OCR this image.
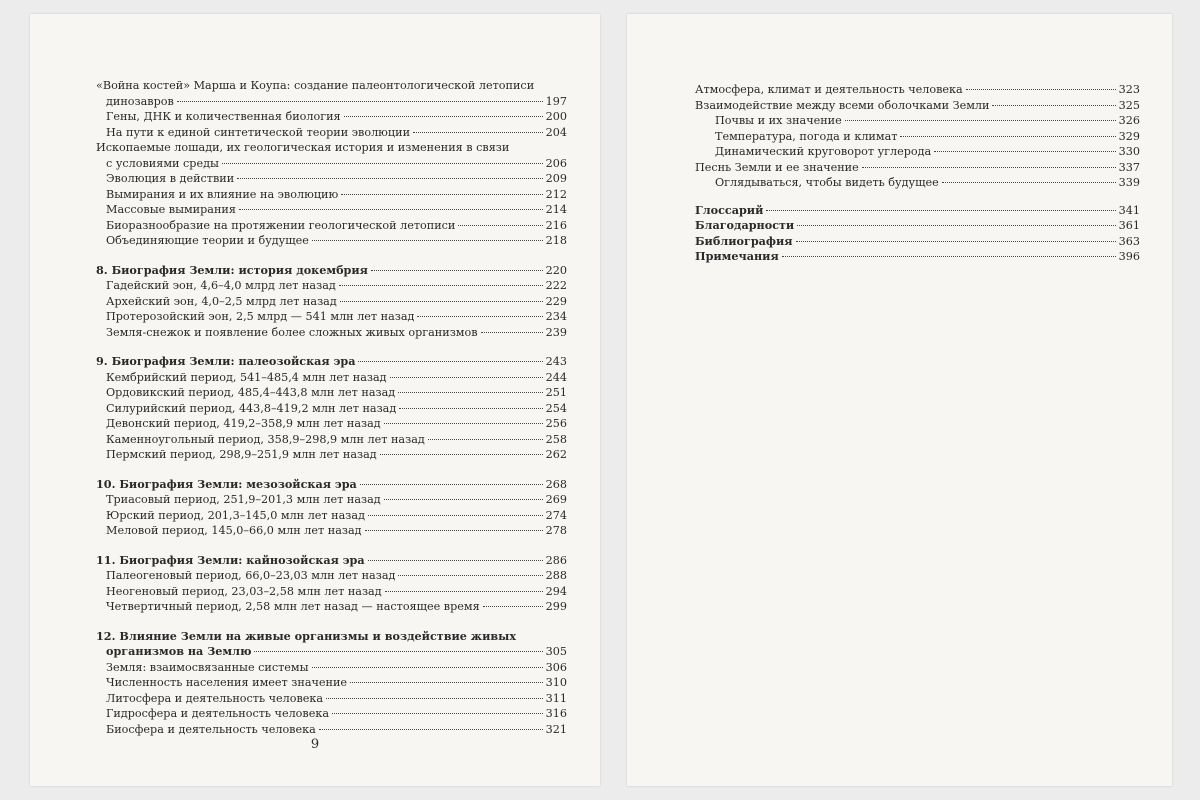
«Война костей» Марша и Коупа: создание палеонтологической летописи
динозавров	197
Гены, ДНК и количественная биология	200
На пути к единой синтетической теории эволюции	204
Ископаемые лошади, их геологическая история и изменения в связи
с условиями среды	206
Эволюция в действии	209
Вымирания и их влияние на эволюцию	212
Массовые вымирания	214
Биоразнообразие на протяжении геологической летописи	216
Объединяющие теории и будущее	218
8. Биография Земли: история докембрия	220
Гадейский эон, 4,6–4,0 млрд лет назад	222
Архейский эон, 4,0–2,5 млрд лет назад	229
Протерозойский эон, 2,5 млрд — 541 млн лет назад	234
Земля-снежок и появление более сложных живых организмов	239
9. Биография Земли: палеозойская эра	243
Кембрийский период, 541–485,4 млн лет назад	244
Ордовикский период, 485,4–443,8 млн лет назад	251
Силурийский период, 443,8–419,2 млн лет назад	254
Девонский период, 419,2–358,9 млн лет назад	256
Каменноугольный период, 358,9–298,9 млн лет назад	258
Пермский период, 298,9–251,9 млн лет назад	262
10. Биография Земли: мезозойская эра	268
Триасовый период, 251,9–201,3 млн лет назад	269
Юрский период, 201,3–145,0 млн лет назад	274
Меловой период, 145,0–66,0 млн лет назад	278
11. Биография Земли: кайнозойская эра	286
Палеогеновый период, 66,0–23,03 млн лет назад	288
Неогеновый период, 23,03–2,58 млн лет назад	294
Четвертичный период, 2,58 млн лет назад — настоящее время	299
12. Влияние Земли на живые организмы и воздействие живых
организмов на Землю	305
Земля: взаимосвязанные системы	306
Численность населения имеет значение	310
Литосфера и деятельность человека	311
Гидросфера и деятельность человека	316
Биосфера и деятельность человека	321
9
Атмосфера, климат и деятельность человека	323
Взаимодействие между всеми оболочками Земли	325
Почвы и их значение	326
Температура, погода и климат	329
Динамический круговорот углерода	330
Песнь Земли и ее значение	337
Оглядываться, чтобы видеть будущее	339
Глоссарий	341
Благодарности	361
Библиография	363
Примечания	396
